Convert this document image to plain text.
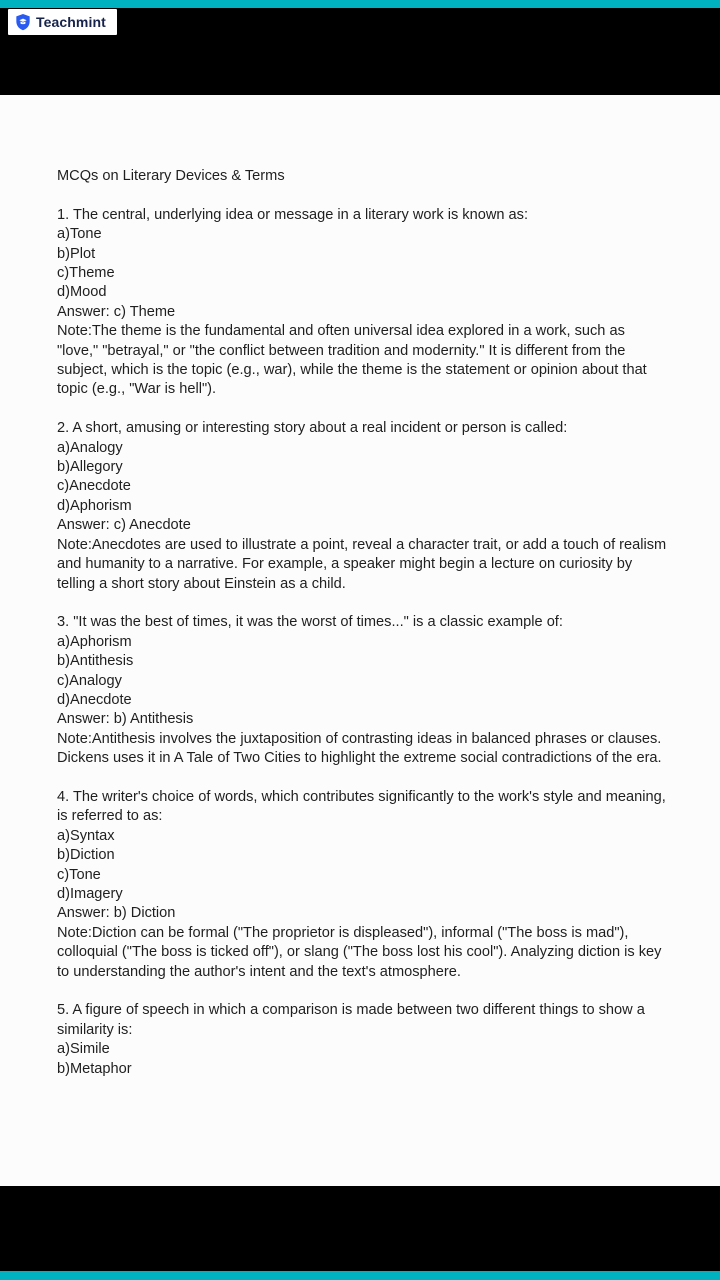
Teachmint
MCQs on Literary Devices & Terms
1. The central, underlying idea or message in a literary work is known as:
a)Tone
b)Plot
c)Theme
d)Mood
Answer: c) Theme
Note:The theme is the fundamental and often universal idea explored in a work, such as "love," "betrayal," or "the conflict between tradition and modernity." It is different from the subject, which is the topic (e.g., war), while the theme is the statement or opinion about that topic (e.g., "War is hell").
2. A short, amusing or interesting story about a real incident or person is called:
a)Analogy
b)Allegory
c)Anecdote
d)Aphorism
Answer: c) Anecdote
Note:Anecdotes are used to illustrate a point, reveal a character trait, or add a touch of realism and humanity to a narrative. For example, a speaker might begin a lecture on curiosity by telling a short story about Einstein as a child.
3. "It was the best of times, it was the worst of times..." is a classic example of:
a)Aphorism
b)Antithesis
c)Analogy
d)Anecdote
Answer: b) Antithesis
Note:Antithesis involves the juxtaposition of contrasting ideas in balanced phrases or clauses. Dickens uses it in A Tale of Two Cities to highlight the extreme social contradictions of the era.
4. The writer's choice of words, which contributes significantly to the work's style and meaning, is referred to as:
a)Syntax
b)Diction
c)Tone
d)Imagery
Answer: b) Diction
Note:Diction can be formal ("The proprietor is displeased"), informal ("The boss is mad"), colloquial ("The boss is ticked off"), or slang ("The boss lost his cool"). Analyzing diction is key to understanding the author's intent and the text's atmosphere.
5. A figure of speech in which a comparison is made between two different things to show a similarity is:
a)Simile
b)Metaphor
